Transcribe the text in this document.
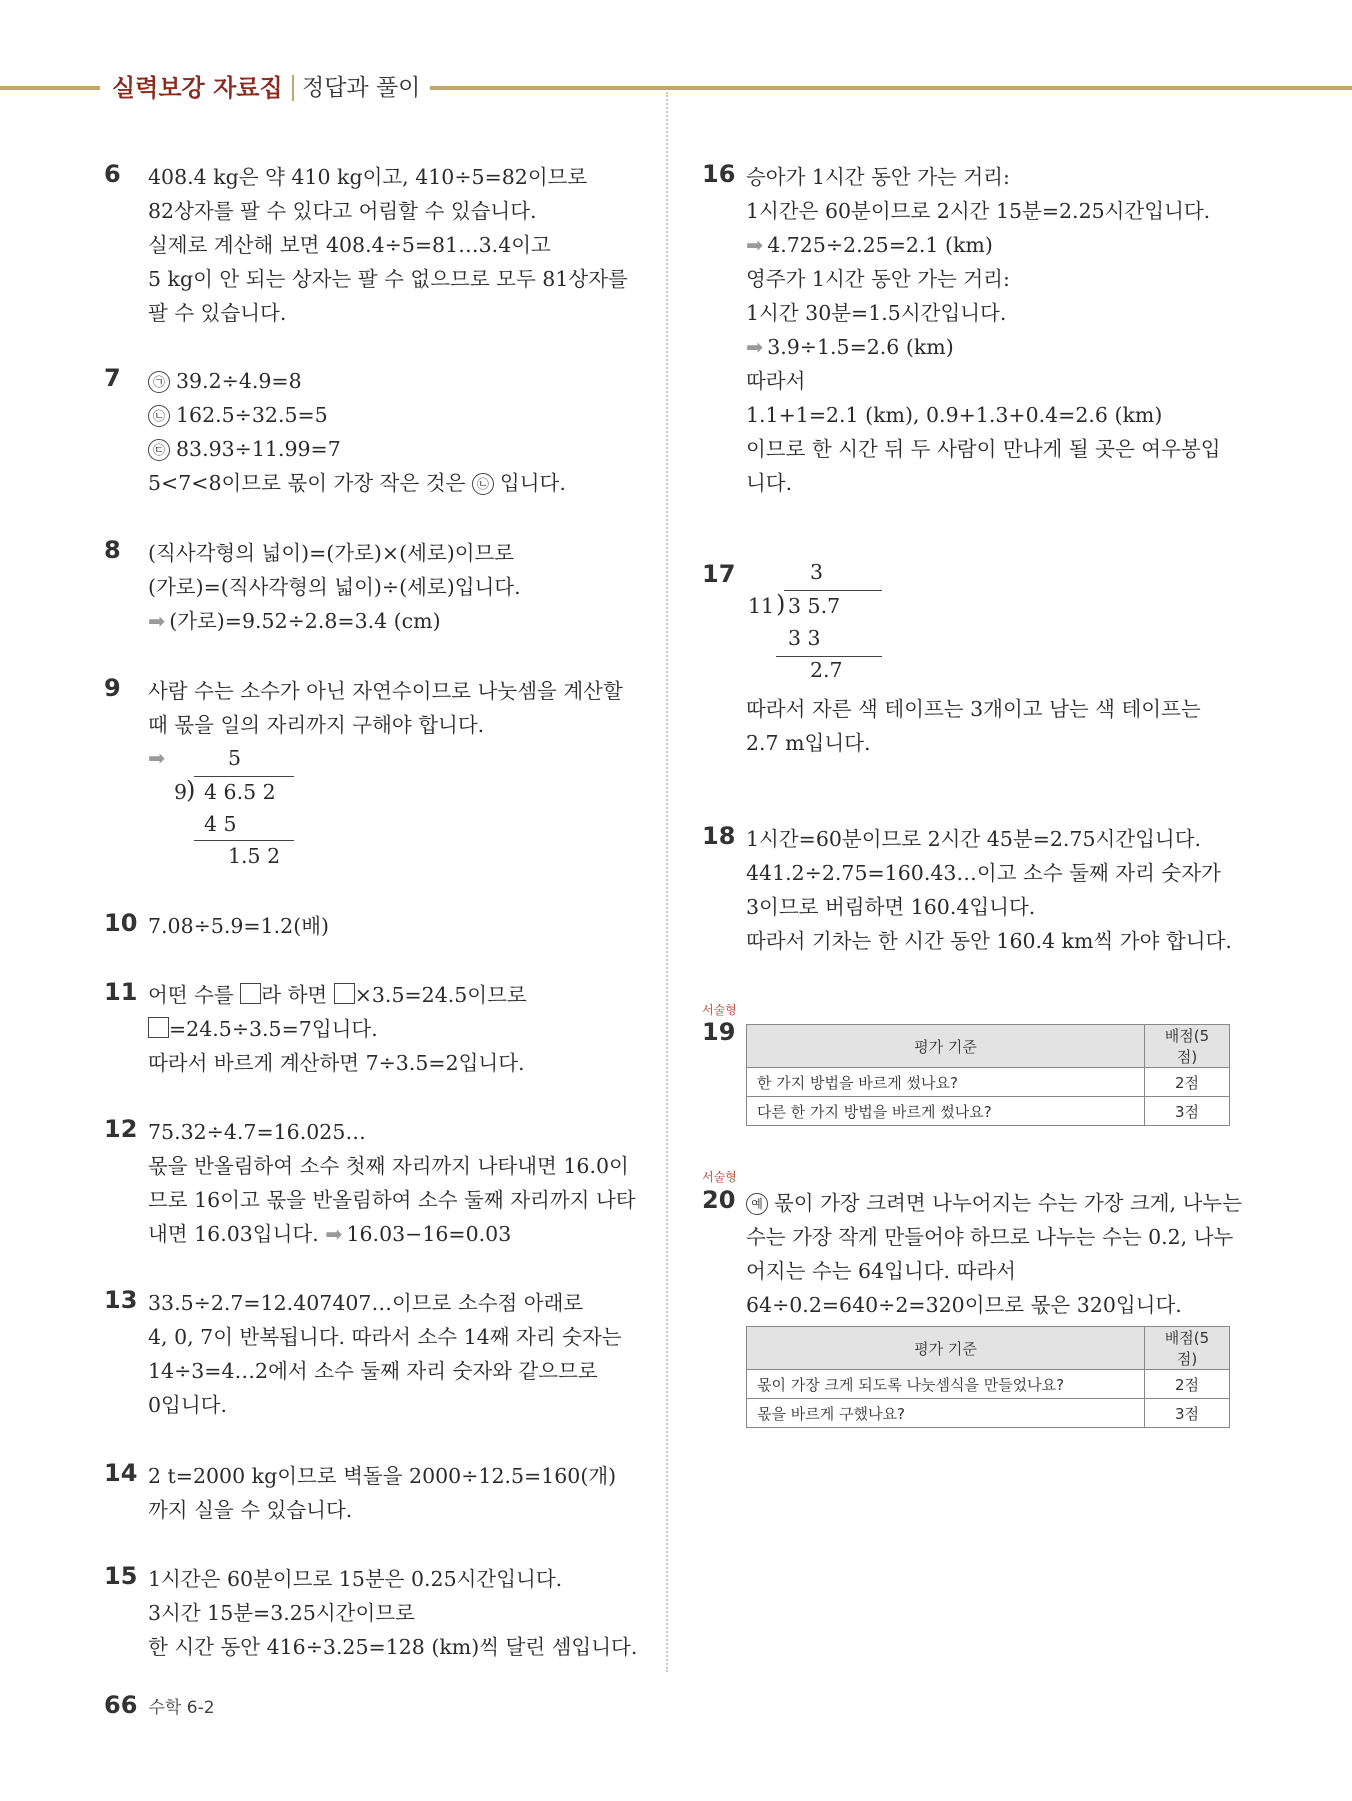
실력보강 자료집 정답과 풀이
6 408.4 kg은 약 410 kg이고, 410÷5=82이므로
82상자를 팔 수 있다고 어림할 수 있습니다.
실제로 계산해 보면 408.4÷5=81…3.4이고
5 kg이 안 되는 상자는 팔 수 없으므로 모두 81상자를
팔 수 있습니다.
7	㉠ 39.2÷4.9=8
㉡ 162.5÷32.5=5
㉢ 83.93÷11.99=7
5<7<8이므로 몫이 가장 작은 것은 ㉡ 입니다.
8 (직사각형의 넓이)=(가로)×(세로)이므로
(가로)=(직사각형의 넓이)÷(세로)입니다.
➡ (가로)=9.52÷2.8=3.4 (cm)
9 사람 수는 소수가 아닌 자연수이므로 나눗셈을 계산할
때 몫을 일의 자리까지 구해야 합니다.
➡	5
9
) 4 6.5 2
4 5
1.5 2
10 7.08÷5.9=1.2(배)
11 어떤 수를 라 하면 ×3.5=24.5이므로
=24.5÷3.5=7입니다.
따라서 바르게 계산하면 7÷3.5=2입니다.
12 75.32÷4.7=16.025…
몫을 반올림하여 소수 첫째 자리까지 나타내면 16.0이
므로 16이고 몫을 반올림하여 소수 둘째 자리까지 나타
내면 16.03입니다. ➡ 16.03−16=0.03
13 33.5÷2.7=12.407407…이므로 소수점 아래로
4, 0, 7이 반복됩니다. 따라서 소수 14째 자리 숫자는
14÷3=4…2에서 소수 둘째 자리 숫자와 같으므로
0입니다.
14 2 t=2000 kg이므로 벽돌을 2000÷12.5=160(개)
까지 실을 수 있습니다.
15 1시간은 60분이므로 15분은 0.25시간입니다.
3시간 15분=3.25시간이므로
한 시간 동안 416÷3.25=128 (km)씩 달린 셈입니다.
16 승아가 1시간 동안 가는 거리:
1시간은 60분이므로 2시간 15분=2.25시간입니다.
➡ 4.725÷2.25=2.1 (km)
영주가 1시간 동안 가는 거리:
1시간 30분=1.5시간입니다.
➡ 3.9÷1.5=2.6 (km)
따라서
1.1+1=2.1 (km), 0.9+1.3+0.4=2.6 (km)
이므로 한 시간 뒤 두 사람이 만나게 될 곳은 여우봉입
니다.
17	3
11 ) 3 5.7
3 3
2.7
따라서 자른 색 테이프는 3개이고 남는 색 테이프는
2.7 m입니다.
18 1시간=60분이므로 2시간 45분=2.75시간입니다.
441.2÷2.75=160.43…이고 소수 둘째 자리 숫자가
3이므로 버림하면 160.4입니다.
따라서 기차는 한 시간 동안 160.4 km씩 가야 합니다.
서술형
19
평가 기준	배점(5점)
한 가지 방법을 바르게 썼나요?	2점
다른 한 가지 방법을 바르게 썼나요?	3점
서술형
20	예 몫이 가장 크려면 나누어지는 수는 가장 크게, 나누는
수는 가장 작게 만들어야 하므로 나누는 수는 0.2, 나누
어지는 수는 64입니다. 따라서
64÷0.2=640÷2=320이므로 몫은 320입니다.
평가 기준	배점(5점)
몫이 가장 크게 되도록 나눗셈식을 만들었나요?	2점
몫을 바르게 구했나요?	3점
66 수학 6-2
